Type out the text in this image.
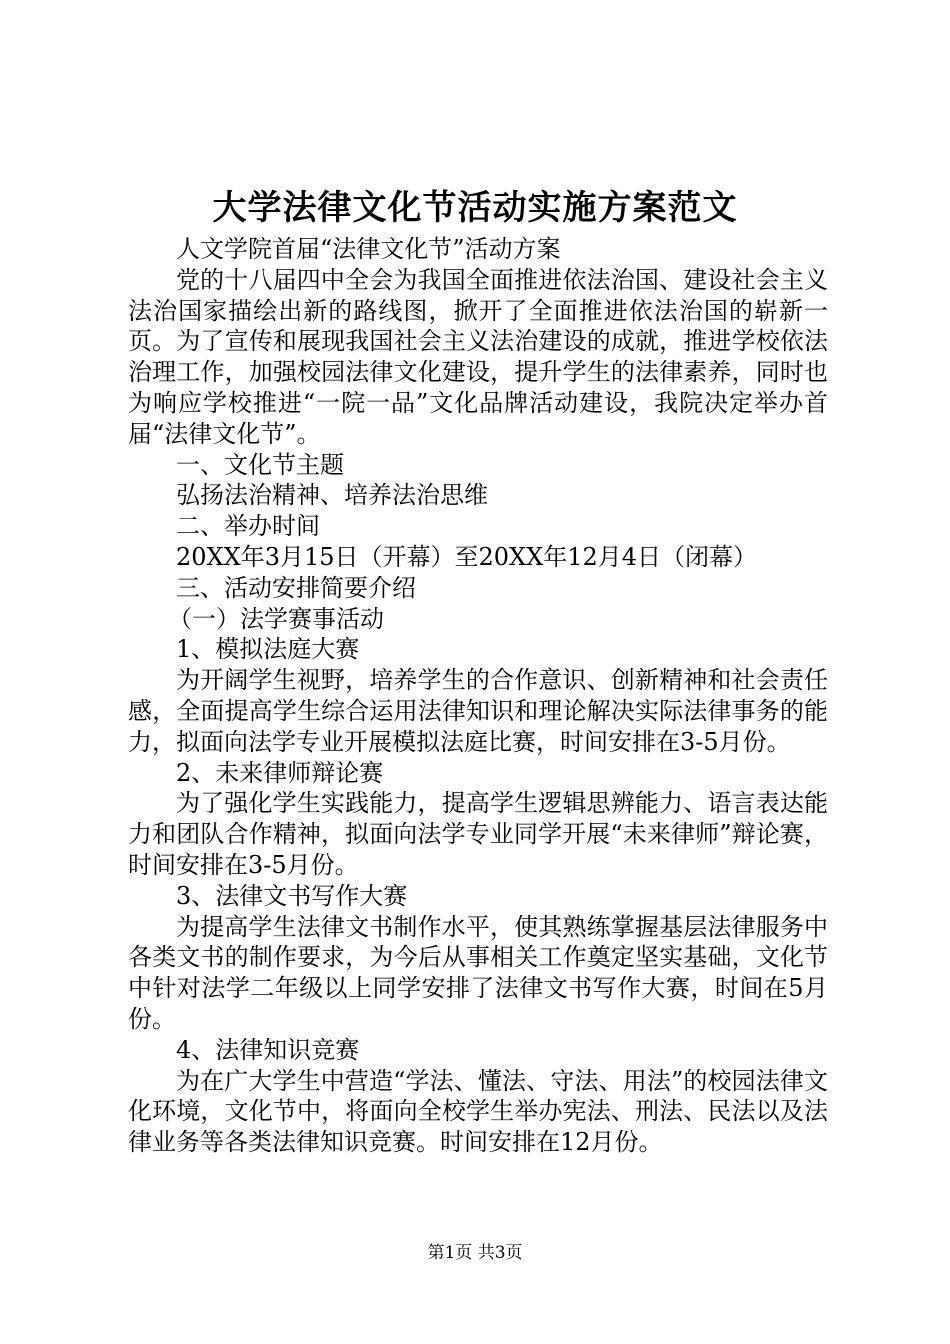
大学法律文化节活动实施方案范文

人文学院首届“法律文化节”活动方案

党的十八届四中全会为我国全面推进依法治国、建设社会主义法治国家描绘出新的路线图，掀开了全面推进依法治国的崭新一页。为了宣传和展现我国社会主义法治建设的成就，推进学校依法治理工作，加强校园法律文化建设，提升学生的法律素养，同时也为响应学校推进“一院一品”文化品牌活动建设，我院决定举办首届“法律文化节”。

一、文化节主题

弘扬法治精神、培养法治思维

二、举办时间

20XX年3月15日（开幕）至20XX年12月4日（闭幕）

三、活动安排简要介绍

（一）法学赛事活动

1、模拟法庭大赛

为开阔学生视野，培养学生的合作意识、创新精神和社会责任感，全面提高学生综合运用法律知识和理论解决实际法律事务的能力，拟面向法学专业开展模拟法庭比赛，时间安排在3-5月份。

2、未来律师辩论赛

为了强化学生实践能力，提高学生逻辑思辨能力、语言表达能力和团队合作精神，拟面向法学专业同学开展“未来律师”辩论赛，时间安排在3-5月份。

3、法律文书写作大赛

为提高学生法律文书制作水平，使其熟练掌握基层法律服务中各类文书的制作要求，为今后从事相关工作奠定坚实基础，文化节中针对法学二年级以上同学安排了法律文书写作大赛，时间在5月份。

4、法律知识竞赛

为在广大学生中营造“学法、懂法、守法、用法”的校园法律文化环境，文化节中，将面向全校学生举办宪法、刑法、民法以及法律业务等各类法律知识竞赛。时间安排在12月份。

第1页 共3页
